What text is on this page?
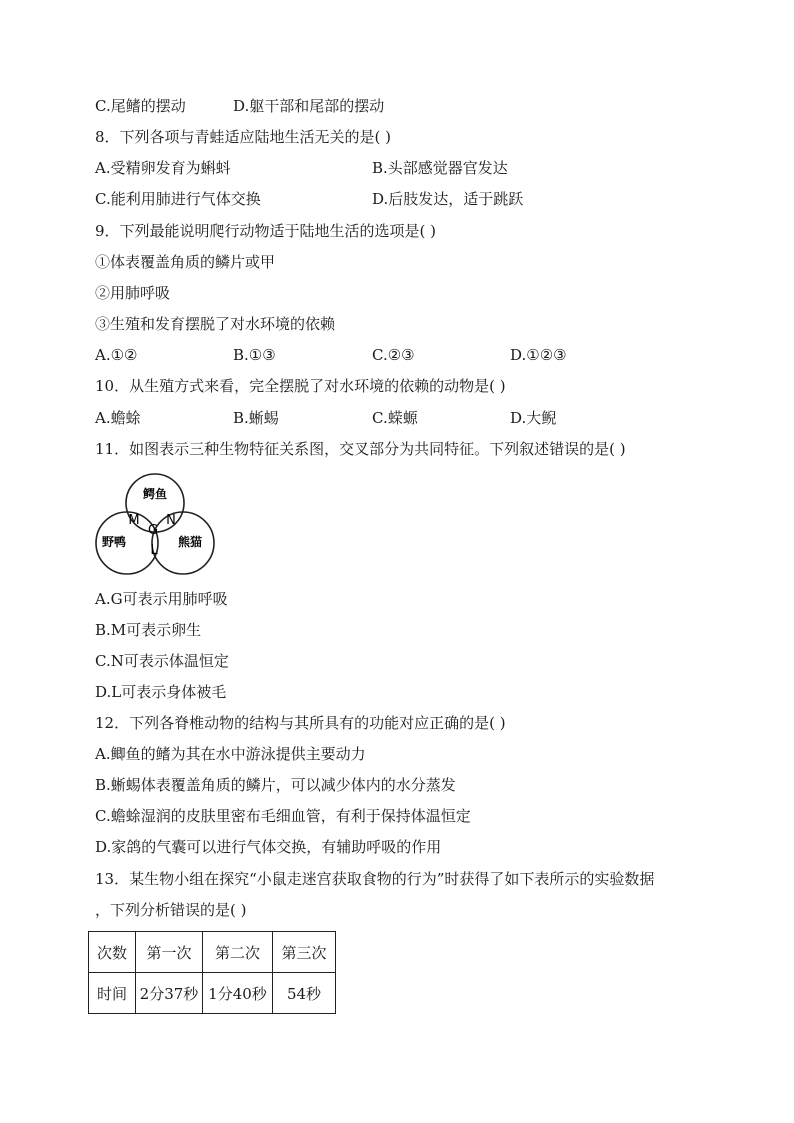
C.尾鳍的摆动	D.躯干部和尾部的摆动
8．下列各项与青蛙适应陆地生活无关的是( )
A.受精卵发育为蝌蚪	B.头部感觉器官发达
C.能利用肺进行气体交换	D.后肢发达，适于跳跃
9．下列最能说明爬行动物适于陆地生活的选项是( )
①体表覆盖角质的鳞片或甲
②用肺呼吸
③生殖和发育摆脱了对水环境的依赖
A.①②	B.①③	C.②③	D.①②③
10．从生殖方式来看，完全摆脱了对水环境的依赖的动物是( )
A.蟾蜍	B.蜥蜴	C.蝾螈	D.大鲵
11．如图表示三种生物特征关系图，交叉部分为共同特征。下列叙述错误的是( )
鳄鱼
野鸭	熊猫
M N
G
L
A.G可表示用肺呼吸
B.M可表示卵生
C.N可表示体温恒定
D.L可表示身体被毛
12．下列各脊椎动物的结构与其所具有的功能对应正确的是( )
A.鲫鱼的鳍为其在水中游泳提供主要动力
B.蜥蜴体表覆盖角质的鳞片，可以减少体内的水分蒸发
C.蟾蜍湿润的皮肤里密布毛细血管，有利于保持体温恒定
D.家鸽的气囊可以进行气体交换，有辅助呼吸的作用
13．某生物小组在探究“小鼠走迷宫获取食物的行为”时获得了如下表所示的实验数据
，下列分析错误的是( )
次数	第一次	第二次	第三次
时间	2分37秒	1分40秒	54秒
